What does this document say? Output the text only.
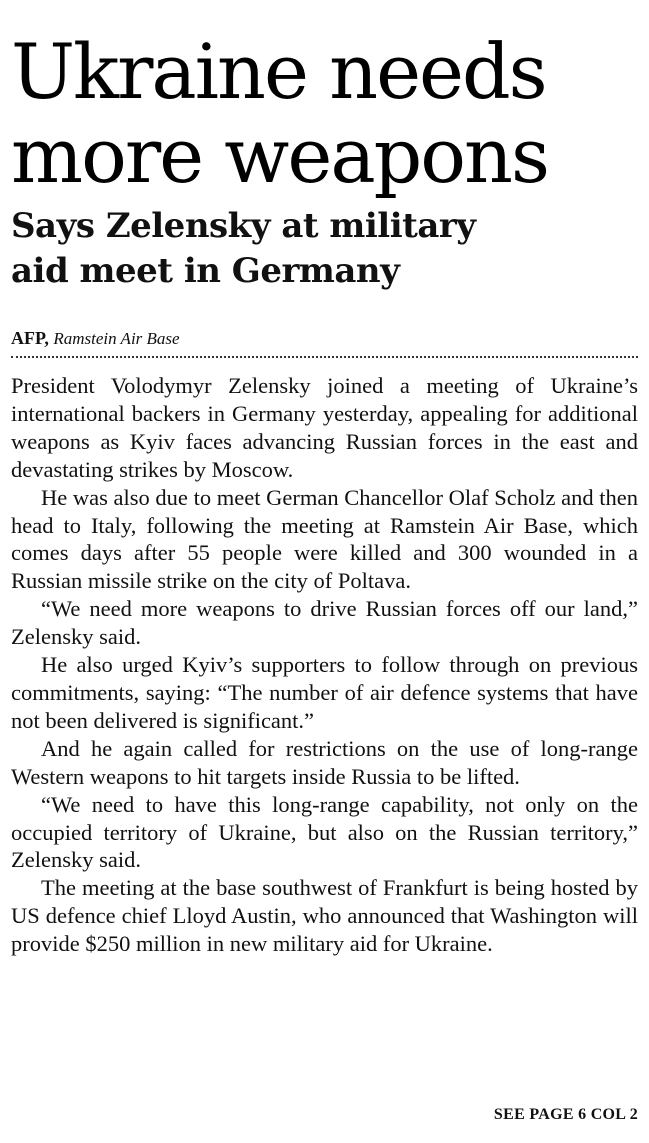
Ukraine needs
more weapons
Says Zelensky at military
aid meet in Germany
AFP, Ramstein Air Base

President Volodymyr Zelensky joined a meeting of Ukraine’s international backers in Germany yesterday, appealing for additional weapons as Kyiv faces advancing Russian forces in the east and devastating strikes by Moscow.

He was also due to meet German Chancellor Olaf Scholz and then head to Italy, following the meeting at Ramstein Air Base, which comes days after 55 people were killed and 300 wounded in a Russian missile strike on the city of Poltava.

“We need more weapons to drive Russian forces off our land,” Zelensky said.

He also urged Kyiv’s supporters to follow through on previous commitments, saying: “The number of air defence systems that have not been delivered is significant.”

And he again called for restrictions on the use of long-range Western weapons to hit targets inside Russia to be lifted.

“We need to have this long-range capability, not only on the occupied territory of Ukraine, but also on the Russian territory,” Zelensky said.

The meeting at the base southwest of Frankfurt is being hosted by US defence chief Lloyd Austin, who announced that Washington will provide $250 million in new military aid for Ukraine.

SEE PAGE 6 COL 2
